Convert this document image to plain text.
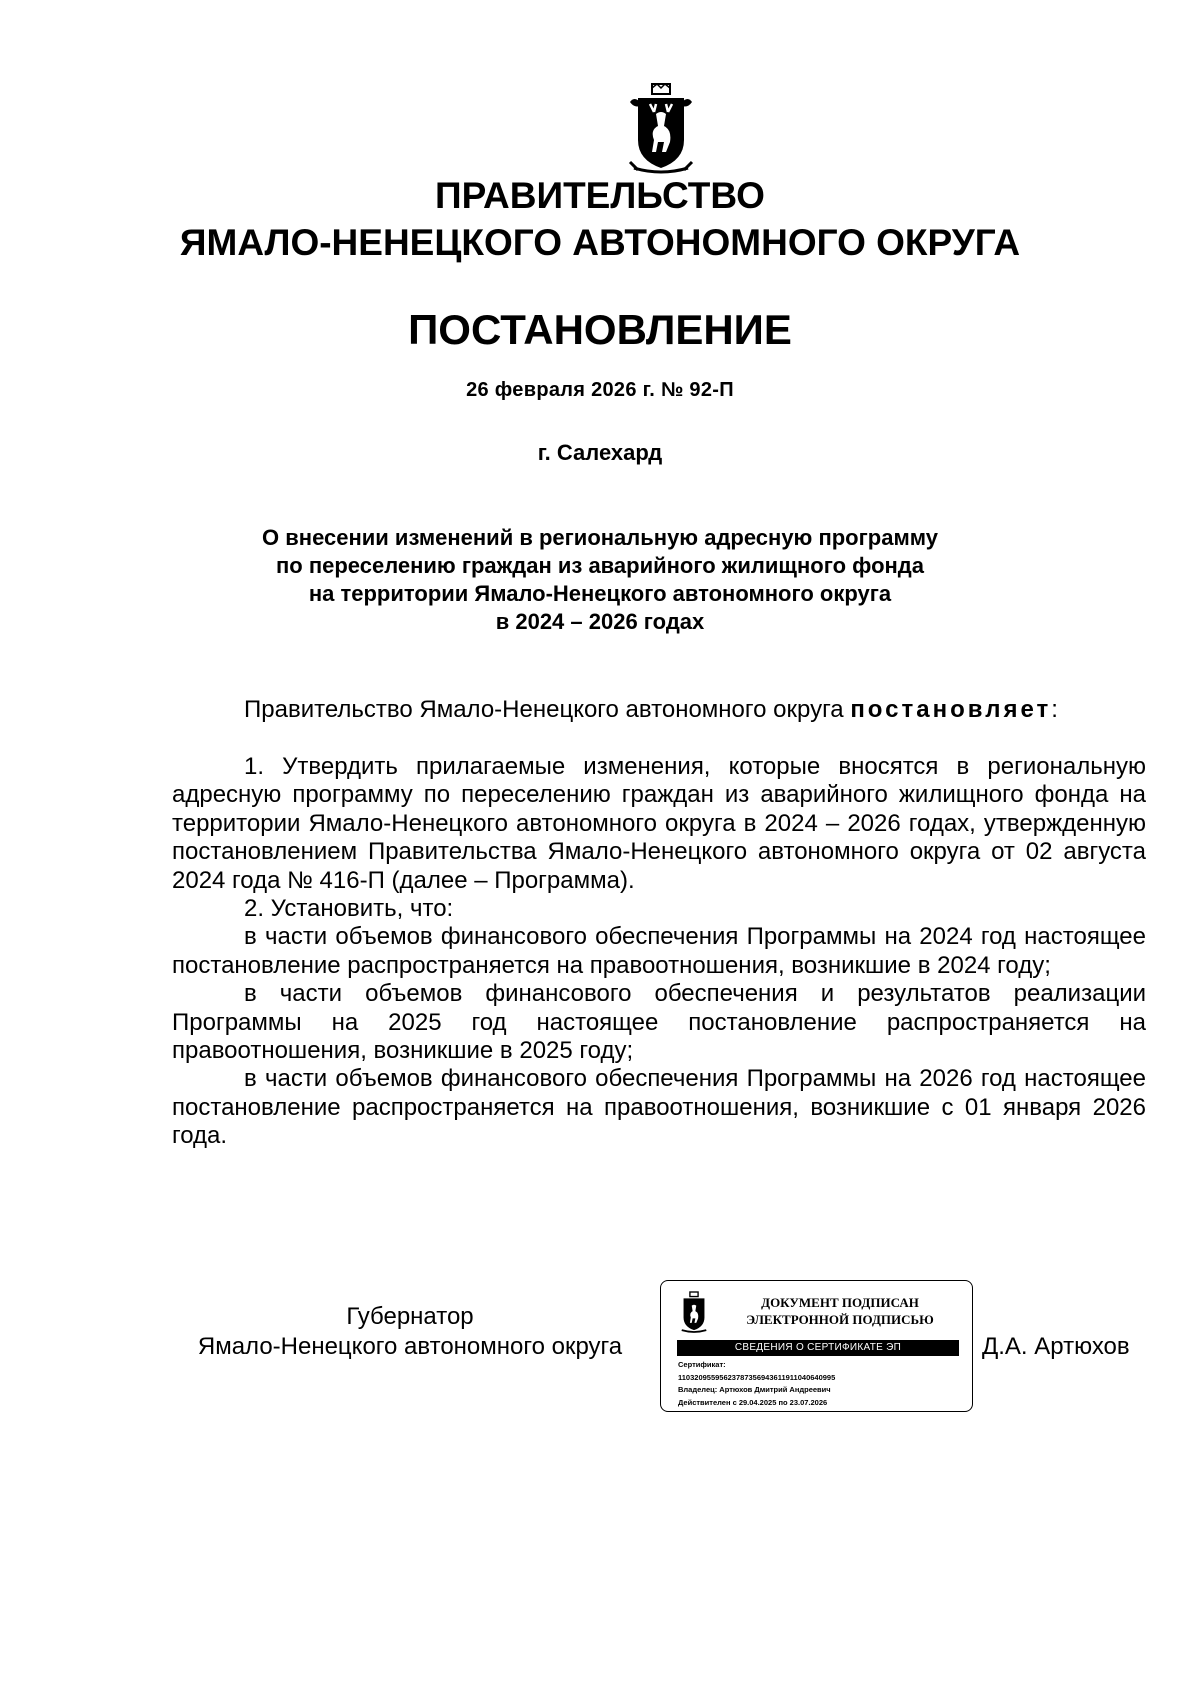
ПРАВИТЕЛЬСТВО
ЯМАЛО-НЕНЕЦКОГО АВТОНОМНОГО ОКРУГА
ПОСТАНОВЛЕНИЕ
26 февраля 2026 г. № 92-П
г. Салехард
О внесении изменений в региональную адресную программу
по переселению граждан из аварийного жилищного фонда
на территории Ямало-Ненецкого автономного округа
в 2024 – 2026 годах

Правительство Ямало-Ненецкого автономного округа постановляет:

1. Утвердить прилагаемые изменения, которые вносятся в региональную адресную программу по переселению граждан из аварийного жилищного фонда на территории Ямало-Ненецкого автономного округа в 2024 – 2026 годах, утвержденную постановлением Правительства Ямало-Ненецкого автономного округа от 02 августа 2024 года № 416-П (далее – Программа).

2. Установить, что:

в части объемов финансового обеспечения Программы на 2024 год настоящее постановление распространяется на правоотношения, возникшие в 2024 году;

в части объемов финансового обеспечения и результатов реализации Программы на 2025 год настоящее постановление распространяется на правоотношения, возникшие в 2025 году;

в части объемов финансового обеспечения Программы на 2026 год настоящее постановление распространяется на правоотношения, возникшие с 01 января 2026 года.

Губернатор
Ямало-Ненецкого автономного округа
ДОКУМЕНТ ПОДПИСАН
ЭЛЕКТРОННОЙ ПОДПИСЬЮ
СВЕДЕНИЯ О СЕРТИФИКАТЕ ЭП
Сертификат:
11032095595623787356943611911040640995
Владелец: Артюхов Дмитрий Андреевич
Действителен с 29.04.2025 по 23.07.2026
Д.А. Артюхов
